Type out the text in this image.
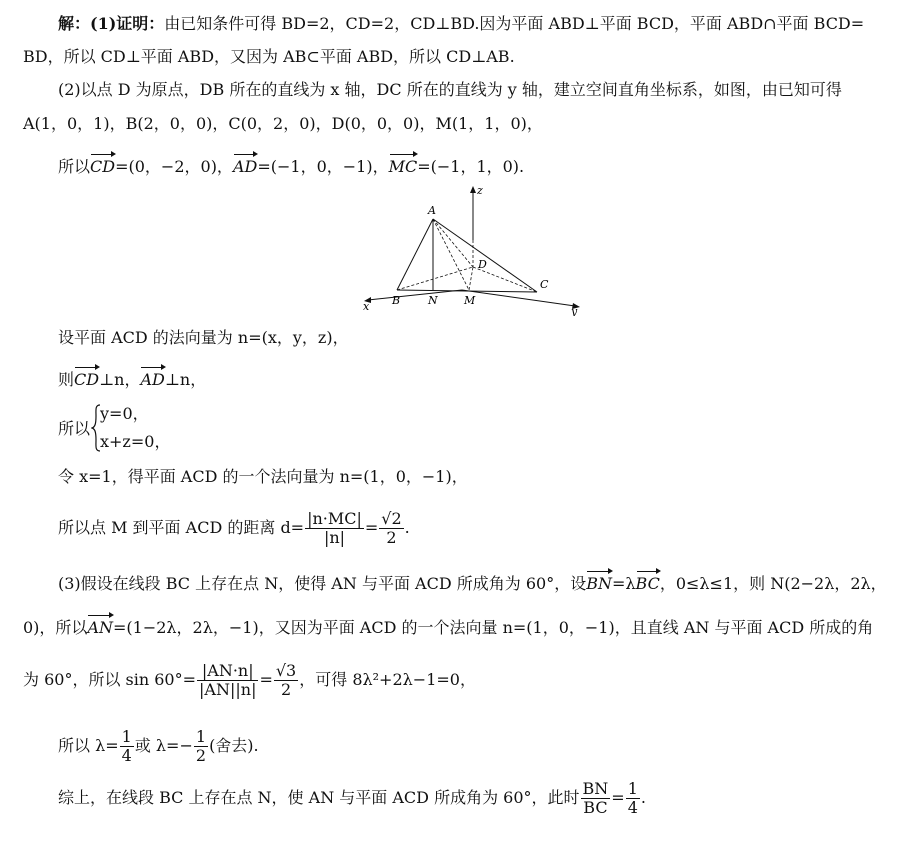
解：(1)证明：由已知条件可得 BD=2，CD=2，CD⊥BD.因为平面 ABD⊥平面 BCD，平面 ABD∩平面 BCD=
BD，所以 CD⊥平面 ABD，又因为 AB⊂平面 ABD，所以 CD⊥AB.
(2)以点 D 为原点，DB 所在的直线为 x 轴，DC 所在的直线为 y 轴，建立空间直角坐标系，如图，由已知可得
A(1，0，1)，B(2，0，0)，C(0，2，0)，D(0，0，0)，M(1，1，0)，
所以CD=(0，−2，0)，AD=(−1，0，−1)，MC=(−1，1，0).
A
B
C
D
N M
x	y
z
设平面 ACD 的法向量为 n=(x，y，z)，
则CD⊥n，AD⊥n，
所以
y=0，
x+z=0，
令 x=1，得平面 ACD 的一个法向量为 n=(1，0，−1)，
所以点 M 到平面 ACD 的距离 $d= \frac{|n\cdot MC|}{|n|} = \frac{√2}{2}$ .
(3)假设在线段 BC 上存在点 N，使得 AN 与平面 ACD 所成角为 60°，设BN=λBC，0≤λ≤1，则 N(2−2λ，2λ，
0)，所以AN=(1−2λ，2λ，−1)，又因为平面 ACD 的一个法向量 n=(1，0，−1)，且直线 AN 与平面 ACD 所成的角
为 60°，所以 $\sin 60^\circ= \frac{|AN\cdot n|}{|AN||n|} = \frac{√3}{2}$ ，可得 8λ²+2λ−1=0，
所以 $\lambda= \frac{1}{4}$ 或 $\lambda=- \frac{1}{2}$ (舍去).
综上，在线段 BC 上存在点 N，使 AN 与平面 ACD 所成角为 60°，此时 $\frac{BN}{BC} = \frac{1}{4}$ .
